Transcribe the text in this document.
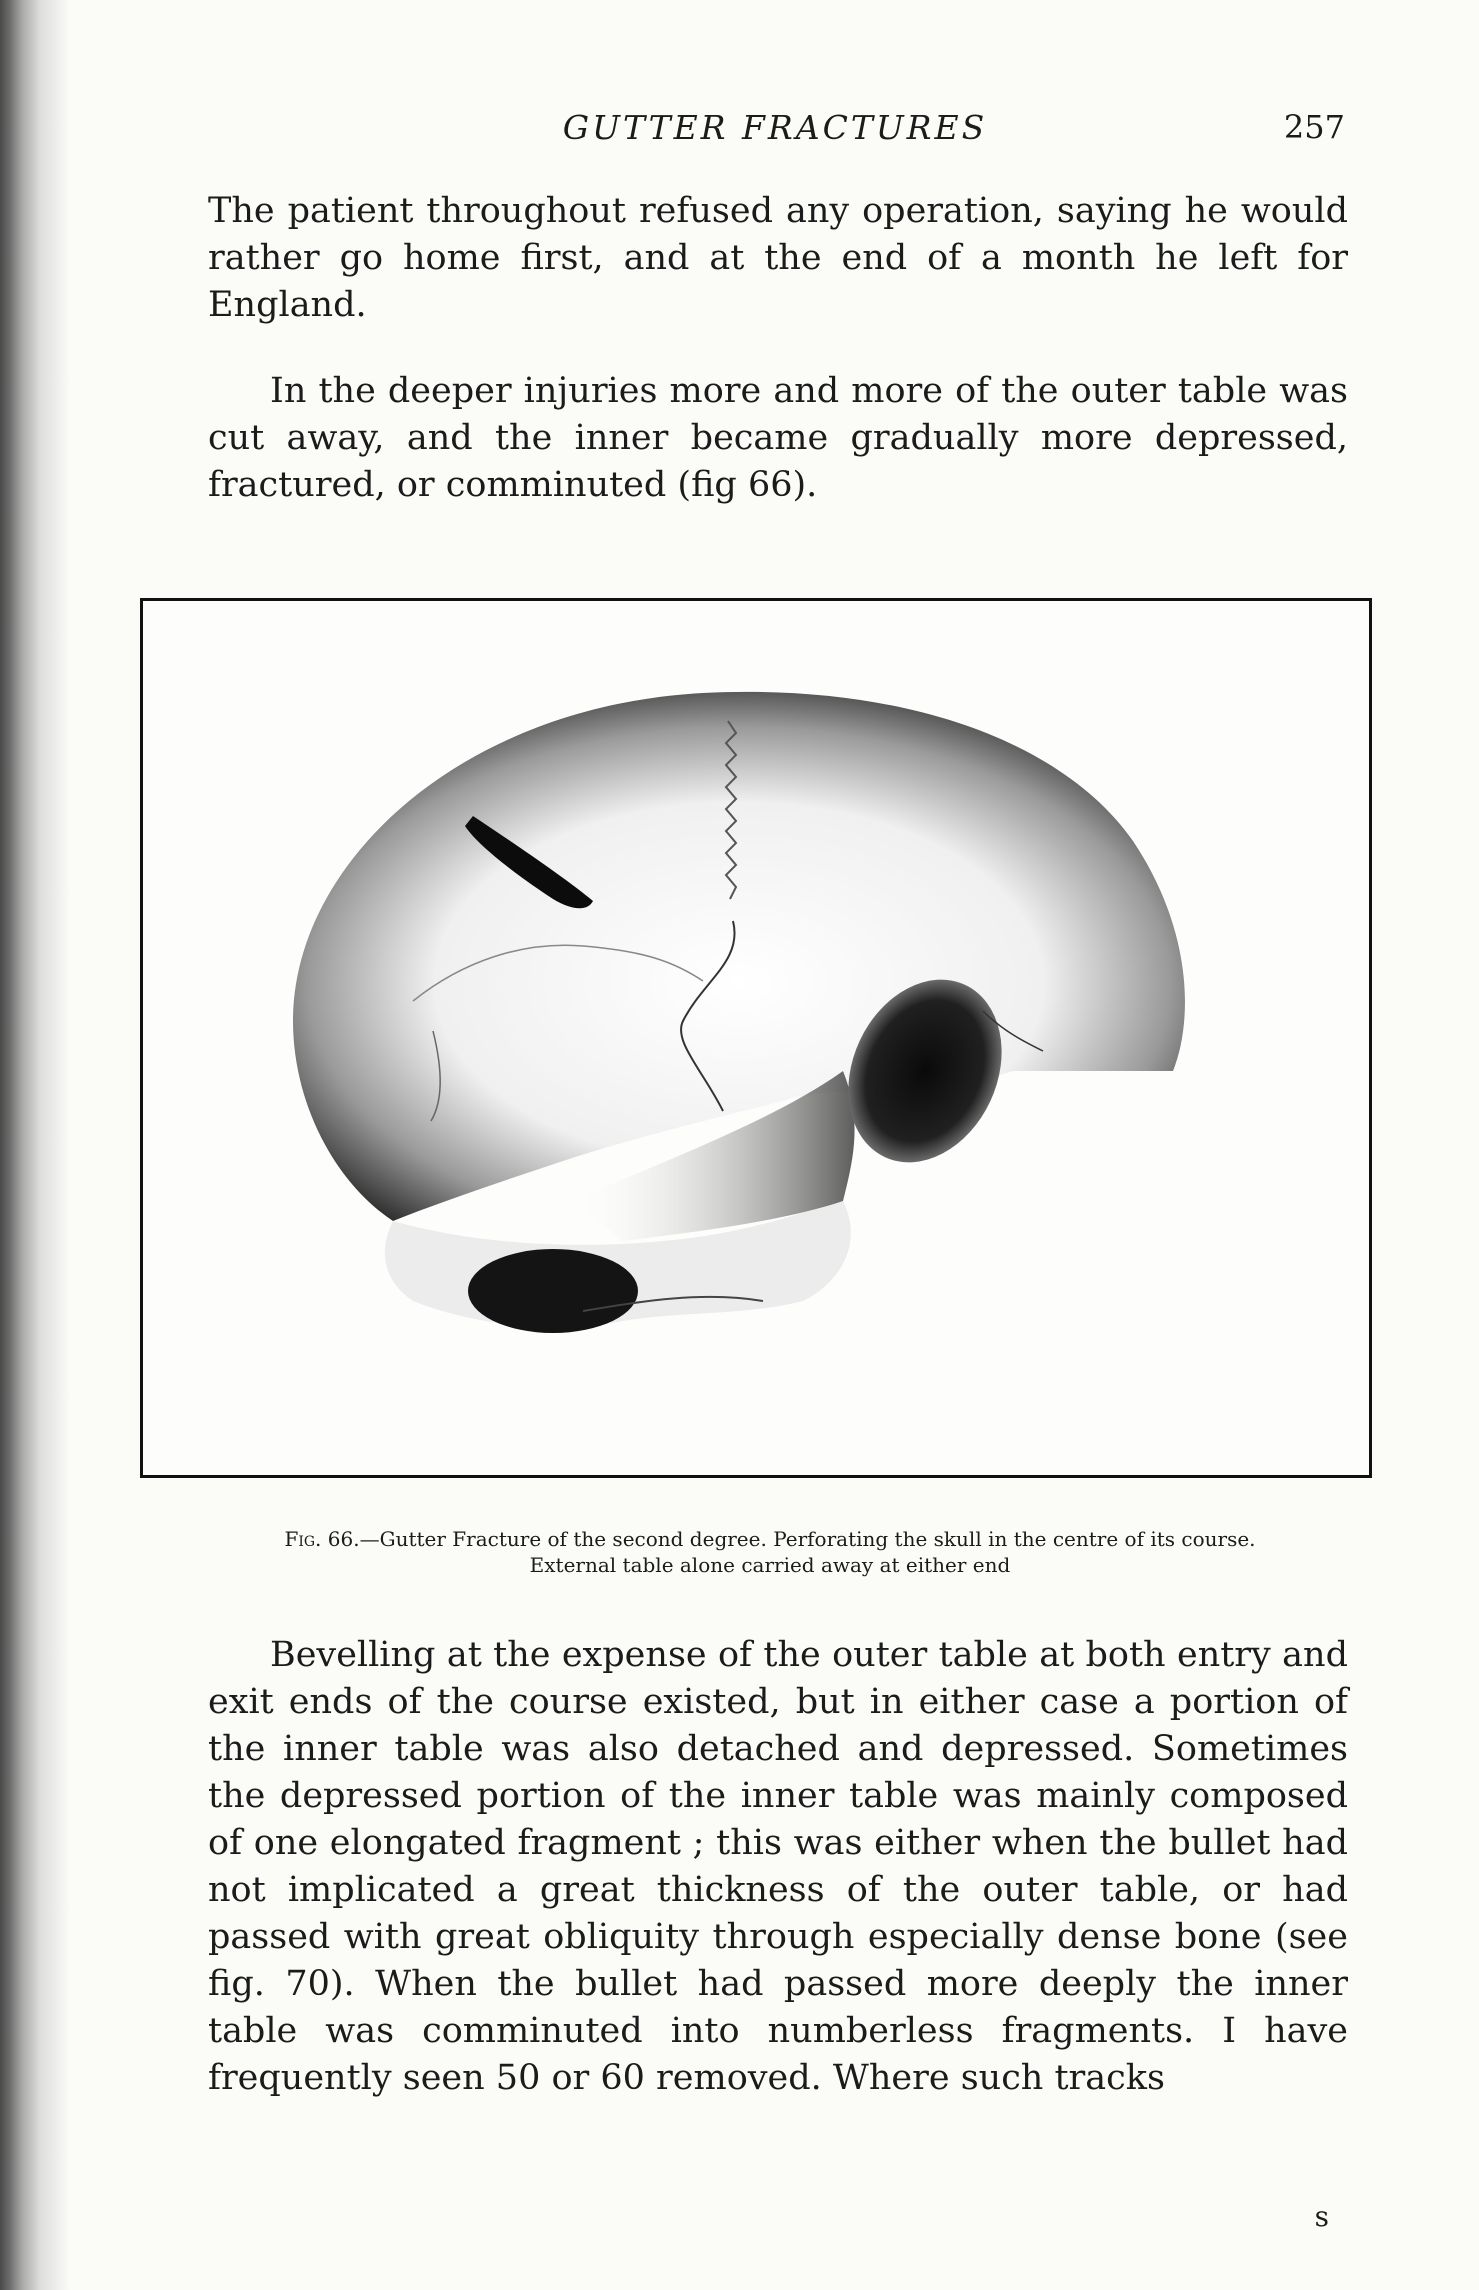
GUTTER FRACTURES	257

The patient throughout refused any operation, saying he would rather go home first, and at the end of a month he left for England.

In the deeper injuries more and more of the outer table was cut away, and the inner became gradually more depressed, fractured, or comminuted (fig 66).

Fig. 66.—Gutter Fracture of the second degree. Perforating the skull in the centre of its course. External table alone carried away at either end

Bevelling at the expense of the outer table at both entry and exit ends of the course existed, but in either case a portion of the inner table was also detached and depressed. Sometimes the depressed portion of the inner table was mainly composed of one elongated fragment ; this was either when the bullet had not implicated a great thickness of the outer table, or had passed with great obliquity through especially dense bone (see fig. 70). When the bullet had passed more deeply the inner table was comminuted into numberless fragments. I have frequently seen 50 or 60 removed. Where such tracks

s
